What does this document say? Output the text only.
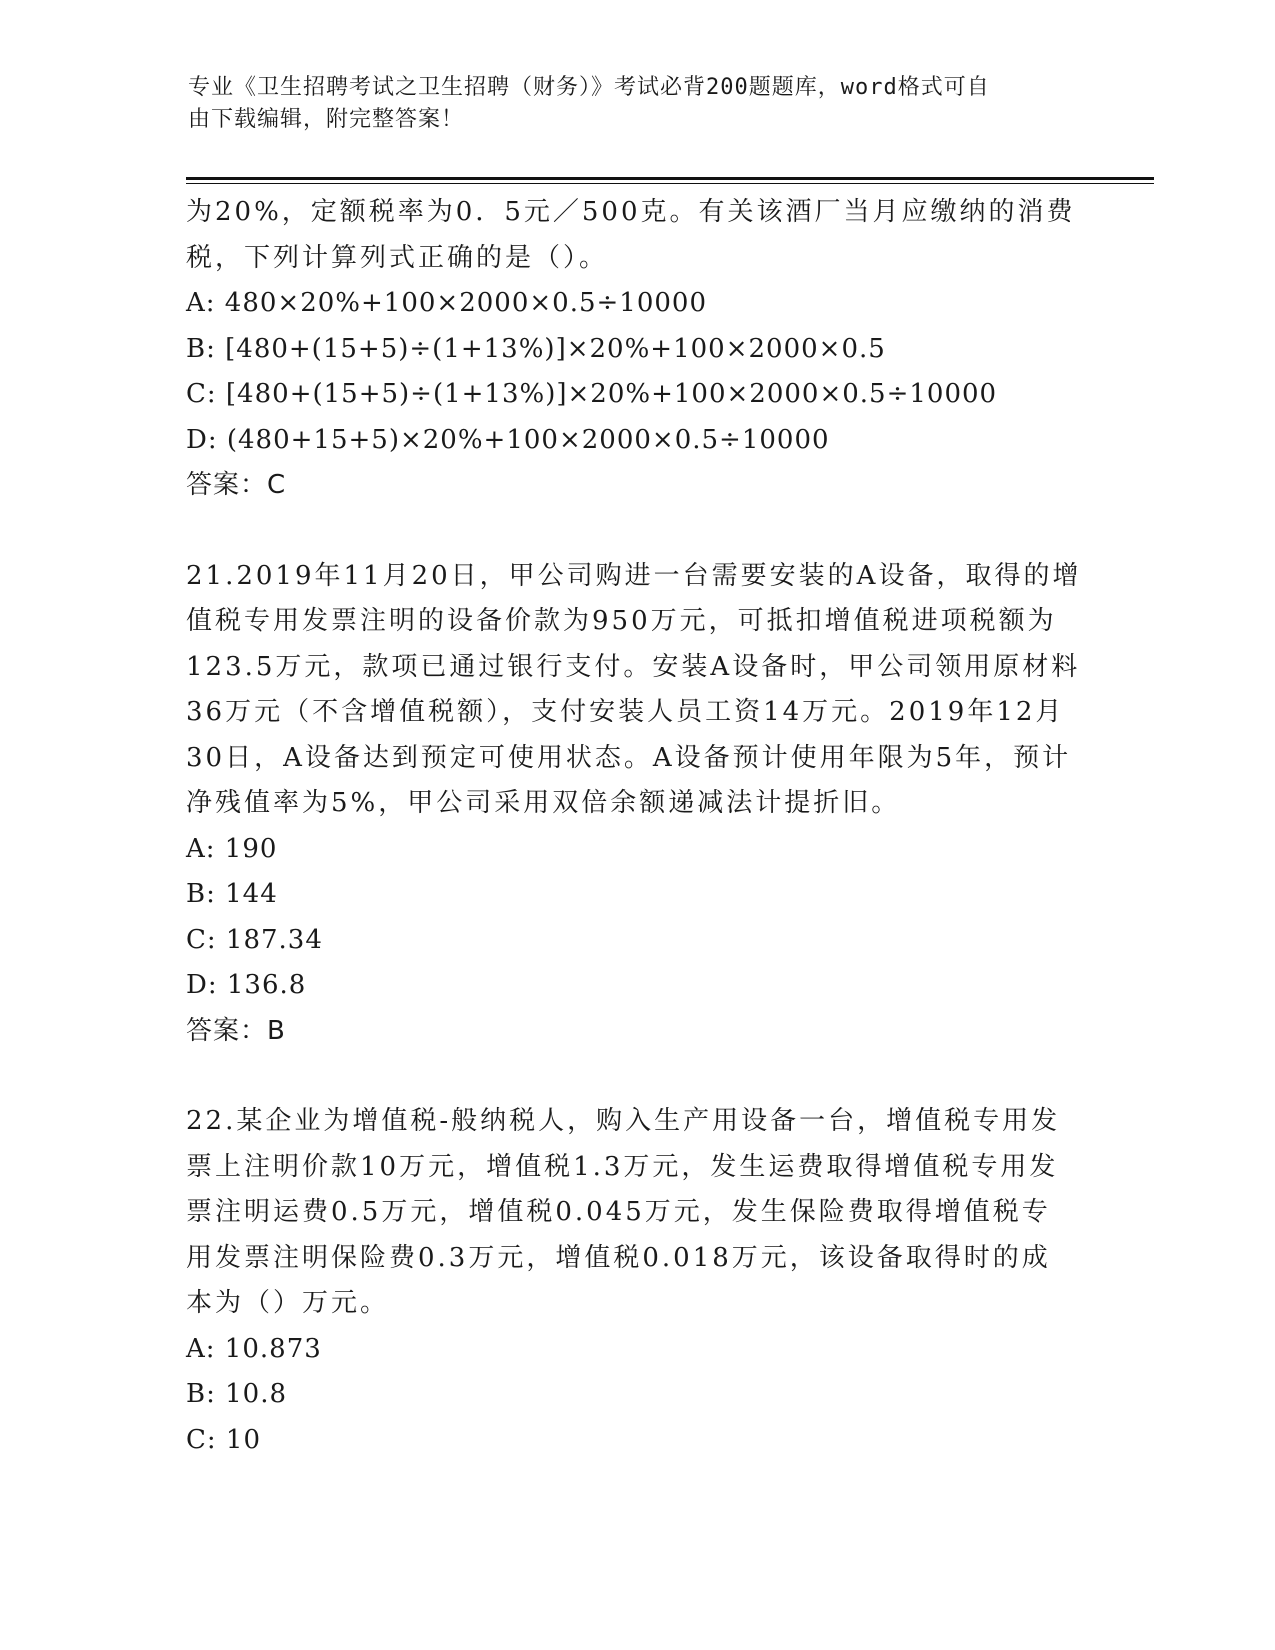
专业《卫生招聘考试之卫生招聘（财务）》考试必背200题题库，word格式可自
由下载编辑，附完整答案！

为20%，定额税率为0．5元／500克。有关该酒厂当月应缴纳的消费

税，下列计算列式正确的是（）。

A: 480×20%+100×2000×0.5÷10000

B: [480+(15+5)÷(1+13%)]×20%+100×2000×0.5

C: [480+(15+5)÷(1+13%)]×20%+100×2000×0.5÷10000

D: (480+15+5)×20%+100×2000×0.5÷10000

答案：C

21.2019年11月20日，甲公司购进一台需要安装的A设备，取得的增

值税专用发票注明的设备价款为950万元，可抵扣增值税进项税额为

123.5万元，款项已通过银行支付。安装A设备时，甲公司领用原材料

36万元（不含增值税额），支付安装人员工资14万元。2019年12月

30日，A设备达到预定可使用状态。A设备预计使用年限为5年，预计

净残值率为5%，甲公司采用双倍余额递减法计提折旧。

A: 190

B: 144

C: 187.34

D: 136.8

答案：B

22.某企业为增值税-般纳税人，购入生产用设备一台，增值税专用发

票上注明价款10万元，增值税1.3万元，发生运费取得增值税专用发

票注明运费0.5万元，增值税0.045万元，发生保险费取得增值税专

用发票注明保险费0.3万元，增值税0.018万元，该设备取得时的成

本为（）万元。

A: 10.873

B: 10.8

C: 10
